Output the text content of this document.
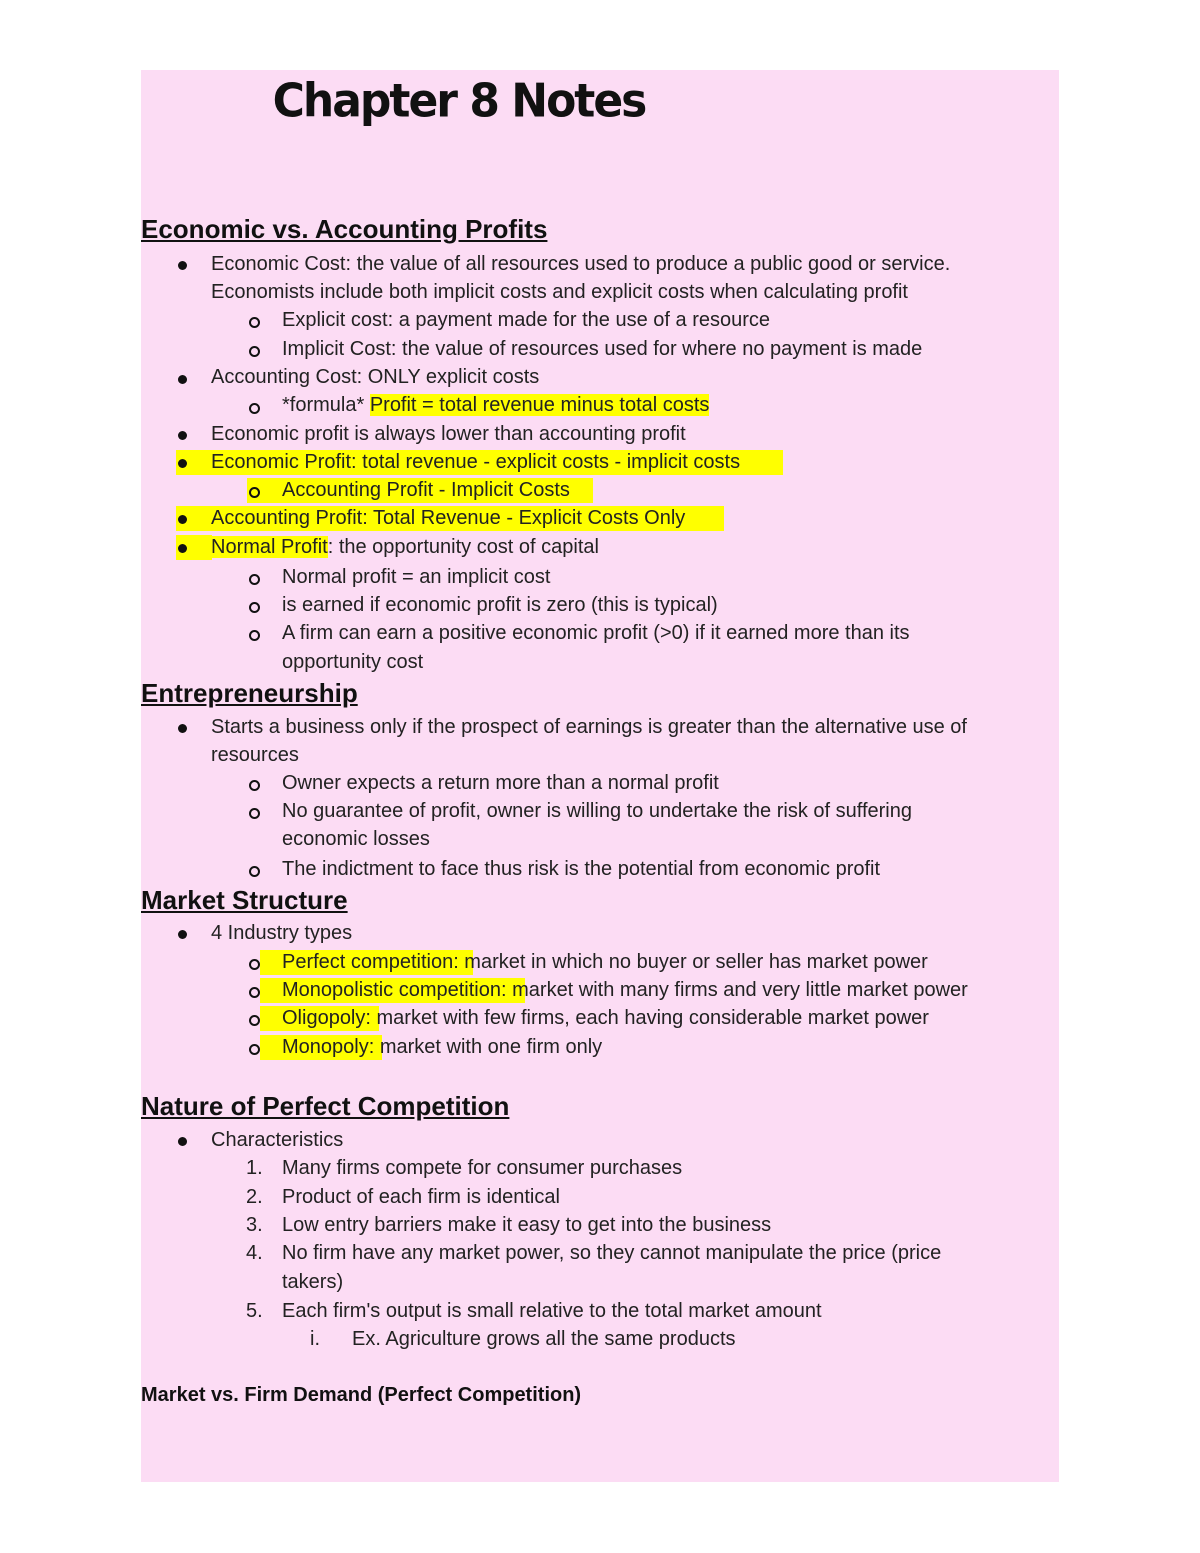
Chapter 8 Notes
Economic vs. Accounting Profits
Economic Cost: the value of all resources used to produce a public good or service.
Economists include both implicit costs and explicit costs when calculating profit
Explicit cost: a payment made for the use of a resource
Implicit Cost: the value of resources used for where no payment is made
Accounting Cost: ONLY explicit costs
*formula* Profit = total revenue minus total costs
Economic profit is always lower than accounting profit
Economic Profit: total revenue - explicit costs - implicit costs
Accounting Profit - Implicit Costs
Accounting Profit: Total Revenue - Explicit Costs Only
Normal Profit: the opportunity cost of capital
Normal profit = an implicit cost
is earned if economic profit is zero (this is typical)
A firm can earn a positive economic profit (>0) if it earned more than its
opportunity cost
Entrepreneurship
Starts a business only if the prospect of earnings is greater than the alternative use of
resources
Owner expects a return more than a normal profit
No guarantee of profit, owner is willing to undertake the risk of suffering
economic losses
The indictment to face thus risk is the potential from economic profit
Market Structure
4 Industry types
Perfect competition: market in which no buyer or seller has market power
Monopolistic competition: market with many firms and very little market power
Oligopoly: market with few firms, each having considerable market power
Monopoly: market with one firm only
Nature of Perfect Competition
Characteristics
1. Many firms compete for consumer purchases
2. Product of each firm is identical
3. Low entry barriers make it easy to get into the business
4. No firm have any market power, so they cannot manipulate the price (price
takers)
5. Each firm's output is small relative to the total market amount
i. Ex. Agriculture grows all the same products
Market vs. Firm Demand (Perfect Competition)
